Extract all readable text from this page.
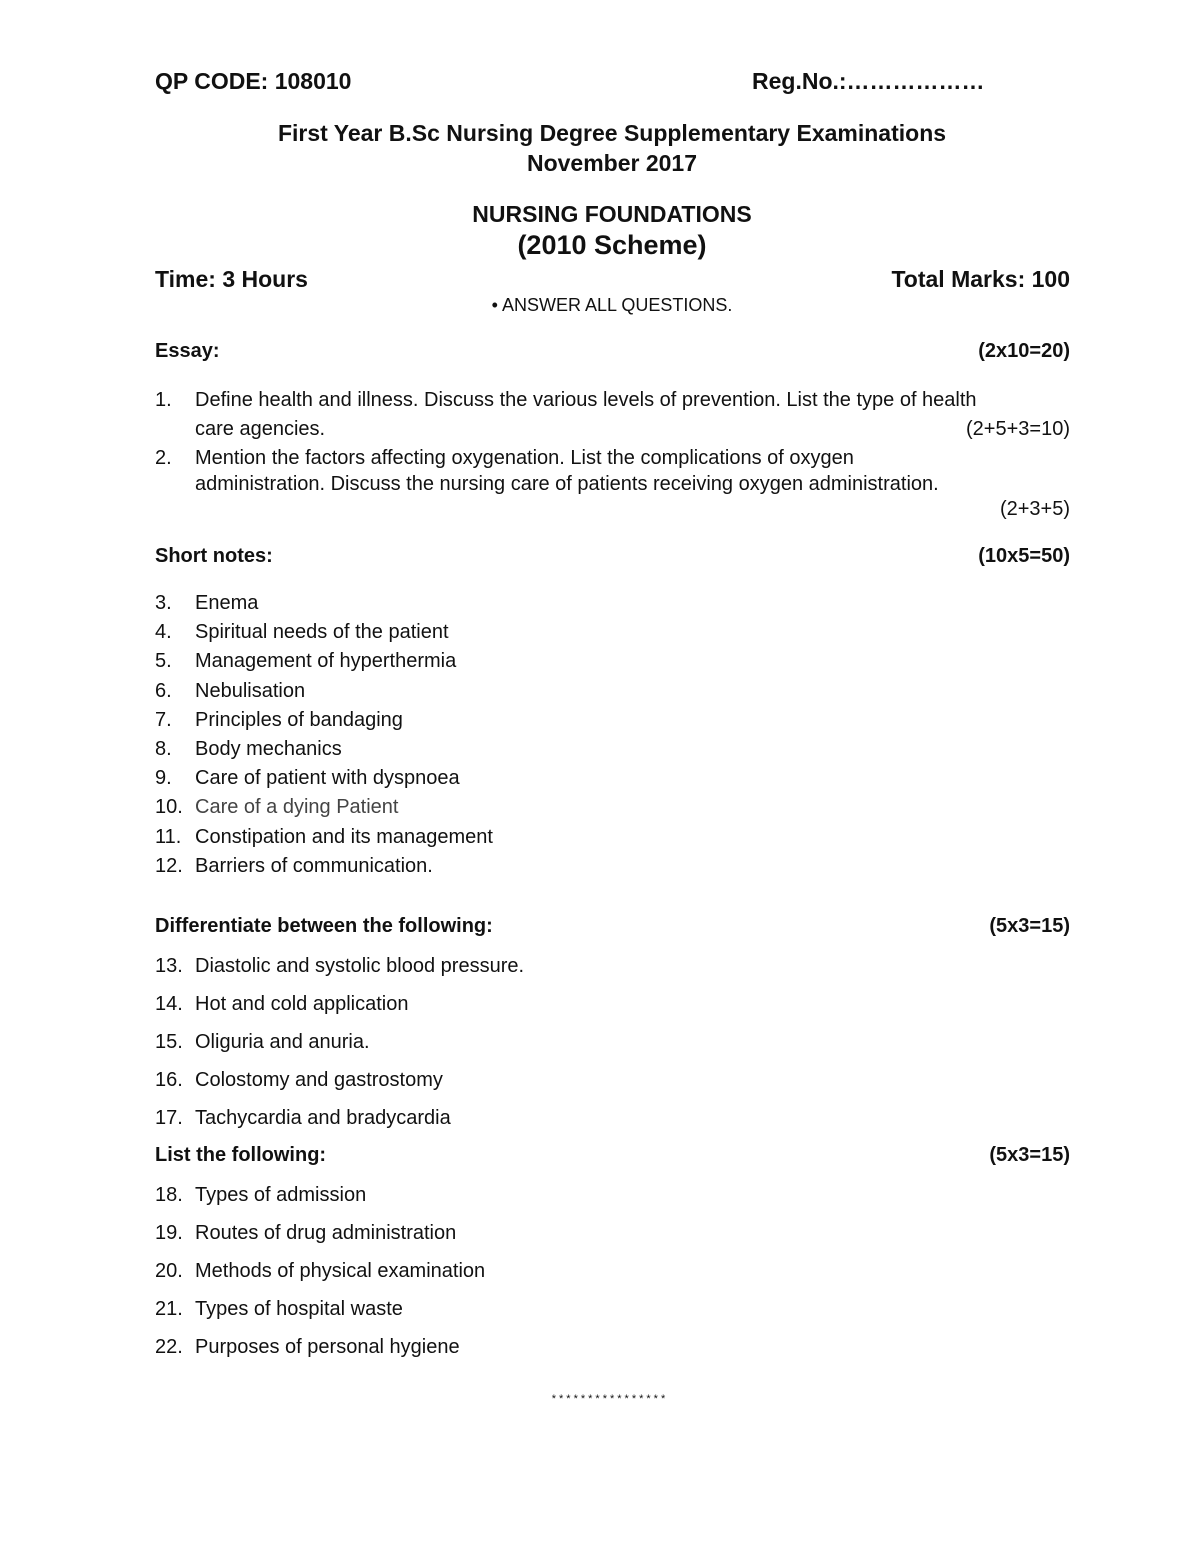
QP CODE: 108010	Reg.No.:………………
First Year B.Sc Nursing Degree Supplementary Examinations
November 2017
NURSING FOUNDATIONS
(2010 Scheme)
Time: 3 Hours	Total Marks: 100
• ANSWER ALL QUESTIONS.
Essay:	(2x10=20)
1. Define health and illness. Discuss the various levels of prevention. List the type of health
care agencies.	(2+5+3=10)
2. Mention the factors affecting oxygenation. List the complications of oxygen
administration. Discuss the nursing care of patients receiving oxygen administration.
(2+3+5)
Short notes:	(10x5=50)
3. Enema
4. Spiritual needs of the patient
5. Management of hyperthermia
6. Nebulisation
7. Principles of bandaging
8. Body mechanics
9. Care of patient with dyspnoea
10. Care of a dying Patient
11. Constipation and its management
12. Barriers of communication.
Differentiate between the following:	(5x3=15)
13. Diastolic and systolic blood pressure.
14. Hot and cold application
15. Oliguria and anuria.
16. Colostomy and gastrostomy
17. Tachycardia and bradycardia
List the following:	(5x3=15)
18. Types of admission
19. Routes of drug administration
20. Methods of physical examination
21. Types of hospital waste
22. Purposes of personal hygiene
****************
